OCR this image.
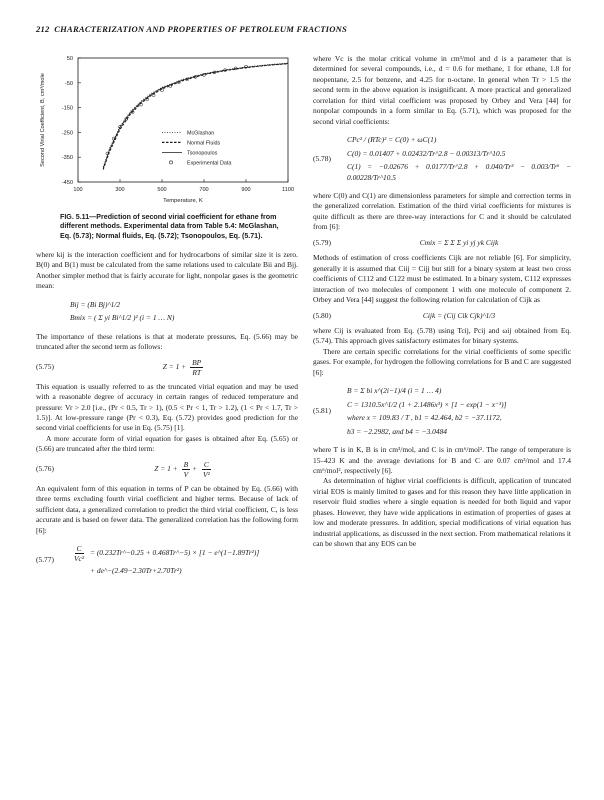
212 CHARACTERIZATION AND PROPERTIES OF PETROLEUM FRACTIONS
100	300	500	700	900	1100
50
-50
-150
-250
-350
-450
Temperature, K
Second Virial Coefficient, B, cm³/mole	McGlashan
Normal Fluids
Tsonopoulos
Experimental Data
FIG. 5.11—Prediction of second virial coefficient for ethane from different methods. Experimental data from Table 5.4: McGlashan, Eq. (5.73); Normal fluids, Eq. (5.72); Tsonopoulos, Eq. (5.71).

where kij is the interaction coefficient and for hydrocarbons of similar size it is zero. B(0) and B(1) must be calculated from the same relations used to calculate Bii and Bjj. Another simpler method that is fairly accurate for light, nonpolar gases is the geometric mean:

Bij = (Bi Bj)^1/2
Bmix = ( Σ yi Bi^1/2 )² (i = 1 … N)

The importance of these relations is that at moderate pressures, Eq. (5.66) may be truncated after the second term as follows:

(5.75)	$Z = 1 + \frac{BP}{RT}$

This equation is usually referred to as the truncated virial equation and may be used with a reasonable degree of accuracy in certain ranges of reduced temperature and pressure: Vr > 2.0 [i.e., (Pr < 0.5, Tr > 1), (0.5 < Pr < 1, Tr > 1.2), (1 < Pr < 1.7, Tr > 1.5)]. At low-pressure range (Pr < 0.3), Eq. (5.72) provides good prediction for the second virial coefficients for use in Eq. (5.75) [1].

A more accurate form of virial equation for gases is obtained after Eq. (5.65) or (5.66) are truncated after the third term:

(5.76)	$Z = 1 + \frac{B}{V} + \frac{C}{\text{V²}}$

An equivalent form of this equation in terms of P can be obtained by Eq. (5.66) with three terms excluding fourth virial coefficient and higher terms. Because of lack of sufficient data, a generalized correlation to predict the third virial coefficient, C, is less accurate and is based on fewer data. The generalized correlation has the following form [6]:

(5.77)	$\frac{C}{\text{Vc²}}$ = (0.232Tr^−0.25 + 0.468Tr^−5) × [1 − e^(1−1.89Tr²)]
+ de^−(2.49−2.30Tr+2.70Tr²)

where Vc is the molar critical volume in cm³/mol and d is a parameter that is determined for several compounds, i.e., d = 0.6 for methane, 1 for ethane, 1.8 for neopentane, 2.5 for benzene, and 4.25 for n-octane. In general when Tr > 1.5 the second term in the above equation is insignificant. A more practical and generalized correlation for third virial coefficient was proposed by Orbey and Vera [44] for nonpolar compounds in a form similar to Eq. (5.71), which was proposed for the second virial coefficients:

(5.78)
CPc² / (RTc)² = C(0) + ωC(1)
C(0) = 0.01407 + 0.02432/Tr^2.8 − 0.00313/Tr^10.5
C(1) = −0.02676 + 0.0177/Tr^2.8 + 0.040/Tr³ − 0.003/Tr⁶ − 0.00228/Tr^10.5

where C(0) and C(1) are dimensionless parameters for simple and correction terms in the generalized correlation. Estimation of the third virial coefficients for mixtures is quite difficult as there are three-way interactions for C and it should be calculated from [6]:

(5.79)	Cmix = Σ Σ Σ yi yj yk Cijk

Methods of estimation of cross coefficients Cijk are not reliable [6]. For simplicity, generally it is assumed that Ciij = Cijj but still for a binary system at least two cross coefficients of C112 and C122 must be estimated. In a binary system, C112 expresses interaction of two molecules of component 1 with one molecule of component 2. Orbey and Vera [44] suggest the following relation for calculation of Cijk as

(5.80)	Cijk = (Cij Cik Cjk)^1/3

where Cij is evaluated from Eq. (5.78) using Tcij, Pcij and ωij obtained from Eq. (5.74). This approach gives satisfactory estimates for binary systems.

There are certain specific correlations for the virial coefficients of some specific gases. For example, for hydrogen the following correlations for B and C are suggested [6]:

(5.81)
B = Σ bi x^(2i−1)/4 (i = 1 … 4)
C = 1310.5x^1/2 (1 + 2.1486x³) × [1 − exp(1 − x⁻³)]
where x = 109.83 / T , b1 = 42.464, b2 = −37.1172,
b3 = −2.2982, and b4 = −3.0484

where T is in K, B is in cm³/mol, and C is in cm⁶/mol². The range of temperature is 15–423 K and the average deviations for B and C are 0.07 cm³/mol and 17.4 cm⁶/mol², respectively [6].

As determination of higher virial coefficients is difficult, application of truncated virial EOS is mainly limited to gases and for this reason they have little application in reservoir fluid studies where a single equation is needed for both liquid and vapor phases. However, they have wide applications in estimation of properties of gases at low and moderate pressures. In addition, special modifications of virial equation has industrial applications, as discussed in the next section. From mathematical relations it can be shown that any EOS can be
